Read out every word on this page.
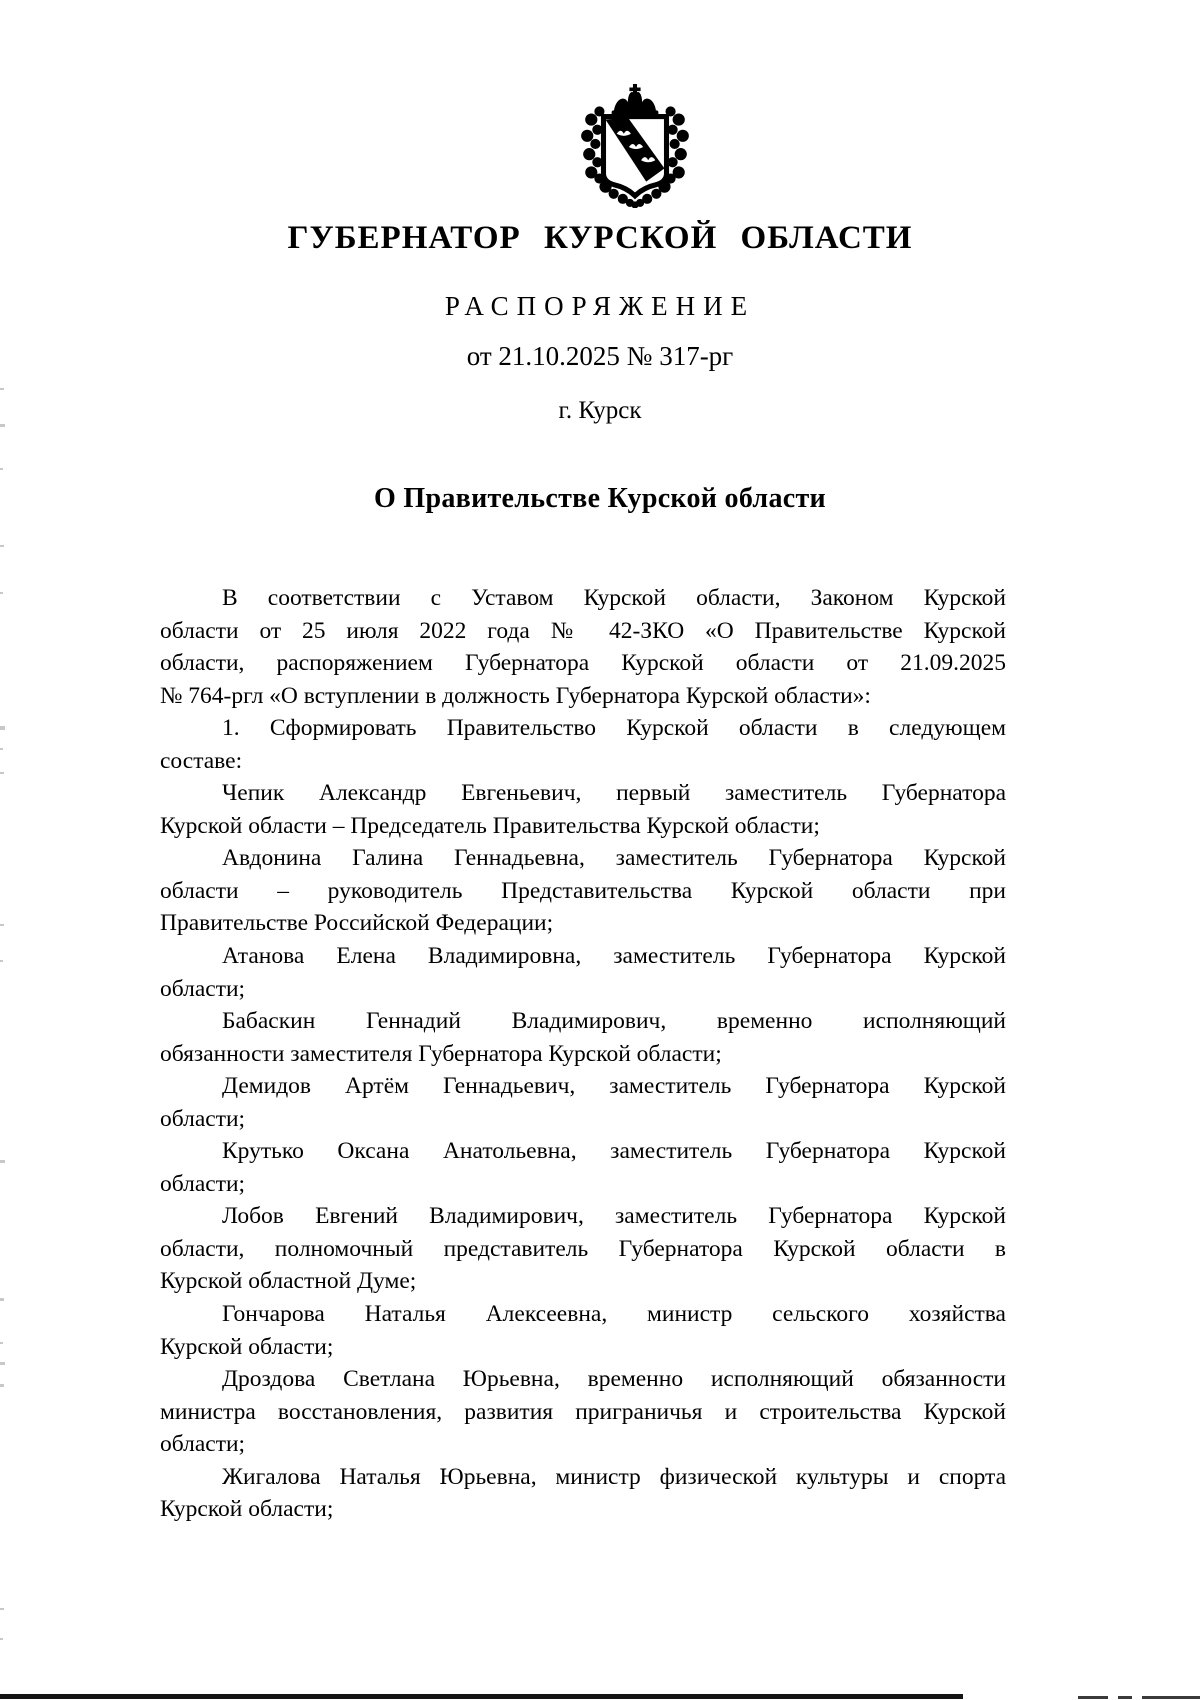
ГУБЕРНАТОР КУРСКОЙ ОБЛАСТИ
РАСПОРЯЖЕНИЕ
от 21.10.2025 № 317-рг
г. Курск
О Правительстве Курской области
В соответствии с Уставом Курской области, Законом Курской
области от 25 июля 2022 года № 42-ЗКО «О Правительстве Курской
области, распоряжением Губернатора Курской области от 21.09.2025
№ 764-ргл «О вступлении в должность Губернатора Курской области»:
1. Сформировать Правительство Курской области в следующем
составе:
Чепик Александр Евгеньевич, первый заместитель Губернатора
Курской области – Председатель Правительства Курской области;
Авдонина Галина Геннадьевна, заместитель Губернатора Курской
области – руководитель Представительства Курской области при
Правительстве Российской Федерации;
Атанова Елена Владимировна, заместитель Губернатора Курской
области;
Бабаскин Геннадий Владимирович, временно исполняющий
обязанности заместителя Губернатора Курской области;
Демидов Артём Геннадьевич, заместитель Губернатора Курской
области;
Крутько Оксана Анатольевна, заместитель Губернатора Курской
области;
Лобов Евгений Владимирович, заместитель Губернатора Курской
области, полномочный представитель Губернатора Курской области в
Курской областной Думе;
Гончарова Наталья Алексеевна, министр сельского хозяйства
Курской области;
Дроздова Светлана Юрьевна, временно исполняющий обязанности
министра восстановления, развития приграничья и строительства Курской
области;
Жигалова Наталья Юрьевна, министр физической культуры и спорта
Курской области;
